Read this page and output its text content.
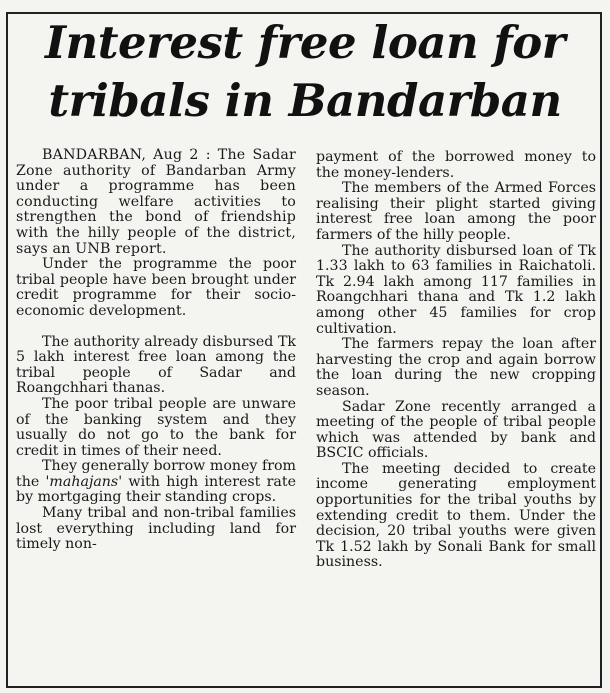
Interest free loan for
tribals in Bandarban

BANDARBAN, Aug 2 : The Sadar Zone authority of Bandarban Army under a programme has been conducting welfare activities to strengthen the bond of friendship with the hilly people of the district, says an UNB report.

Under the programme the poor tribal people have been brought under credit programme for their socio-economic development.

The authority already disbursed Tk 5 lakh interest free loan among the tribal people of Sadar and Roangchhari thanas.

The poor tribal people are unware of the banking system and they usually do not go to the bank for credit in times of their need.

They generally borrow money from the 'mahajans' with high interest rate by mortgaging their standing crops.

Many tribal and non-tribal families lost everything including land for timely non-

payment of the borrowed money to the money-lenders.

The members of the Armed Forces realising their plight started giving interest free loan among the poor farmers of the hilly people.

The authority disbursed loan of Tk 1.33 lakh to 63 families in Raichatoli. Tk 2.94 lakh among 117 families in Roangchhari thana and Tk 1.2 lakh among other 45 families for crop cultivation.

The farmers repay the loan after harvesting the crop and again borrow the loan during the new cropping season.

Sadar Zone recently arranged a meeting of the people of tribal people which was attended by bank and BSCIC officials.

The meeting decided to create income generating employment opportunities for the tribal youths by extending credit to them. Under the decision, 20 tribal youths were given Tk 1.52 lakh by Sonali Bank for small business.
